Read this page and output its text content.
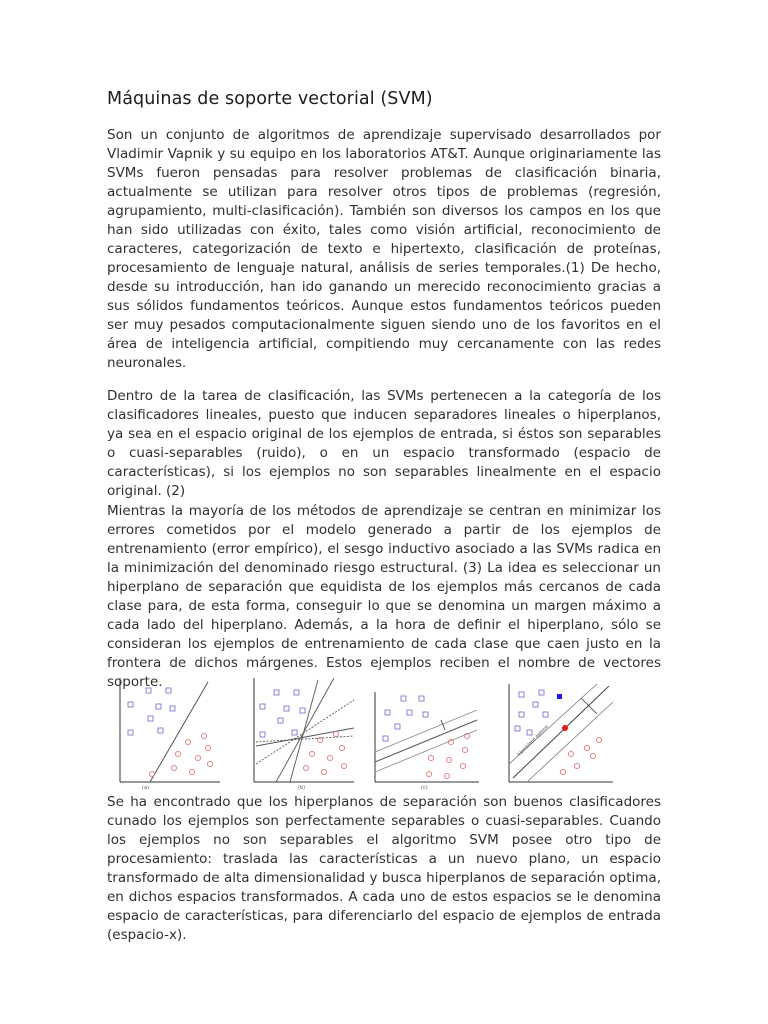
Máquinas de soporte vectorial (SVM)

Son un conjunto de algoritmos de aprendizaje supervisado desarrollados por Vladimir Vapnik y su equipo en los laboratorios AT&T. Aunque originariamente las SVMs fueron pensadas para resolver problemas de clasificación binaria, actualmente se utilizan para resolver otros tipos de problemas (regresión, agrupamiento, multi-clasificación). También son diversos los campos en los que han sido utilizadas con éxito, tales como visión artificial, reconocimiento de caracteres, categorización de texto e hipertexto, clasificación de proteínas, procesamiento de lenguaje natural, análisis de series temporales.(1) De hecho, desde su introducción, han ido ganando un merecido reconocimiento gracias a sus sólidos fundamentos teóricos. Aunque estos fundamentos teóricos pueden ser muy pesados computacionalmente siguen siendo uno de los favoritos en el área de inteligencia artificial, compitiendo muy cercanamente con las redes neuronales.

Dentro de la tarea de clasificación, las SVMs pertenecen a la categoría de los clasificadores lineales, puesto que inducen separadores lineales o hiperplanos, ya sea en el espacio original de los ejemplos de entrada, si éstos son separables o cuasi-separables (ruido), o en un espacio transformado (espacio de características), si los ejemplos no son separables linealmente en el espacio original. (2)

Mientras la mayoría de los métodos de aprendizaje se centran en minimizar los errores cometidos por el modelo generado a partir de los ejemplos de entrenamiento (error empírico), el sesgo inductivo asociado a las SVMs radica en la minimización del denominado riesgo estructural. (3) La idea es seleccionar un hiperplano de separación que equidista de los ejemplos más cercanos de cada clase para, de esta forma, conseguir lo que se denomina un margen máximo a cada lado del hiperplano. Además, a la hora de definir el hiperplano, sólo se consideran los ejemplos de entrenamiento de cada clase que caen justo en la frontera de dichos márgenes. Estos ejemplos reciben el nombre de vectores soporte.

(a)	(b)	(c)
hiperplano óptimo

Se ha encontrado que los hiperplanos de separación son buenos clasificadores cunado los ejemplos son perfectamente separables o cuasi-separables. Cuando los ejemplos no son separables el algoritmo SVM posee otro tipo de procesamiento: traslada las características a un nuevo plano, un espacio transformado de alta dimensionalidad y busca hiperplanos de separación optima, en dichos espacios transformados. A cada uno de estos espacios se le denomina espacio de características, para diferenciarlo del espacio de ejemplos de entrada (espacio-x).
